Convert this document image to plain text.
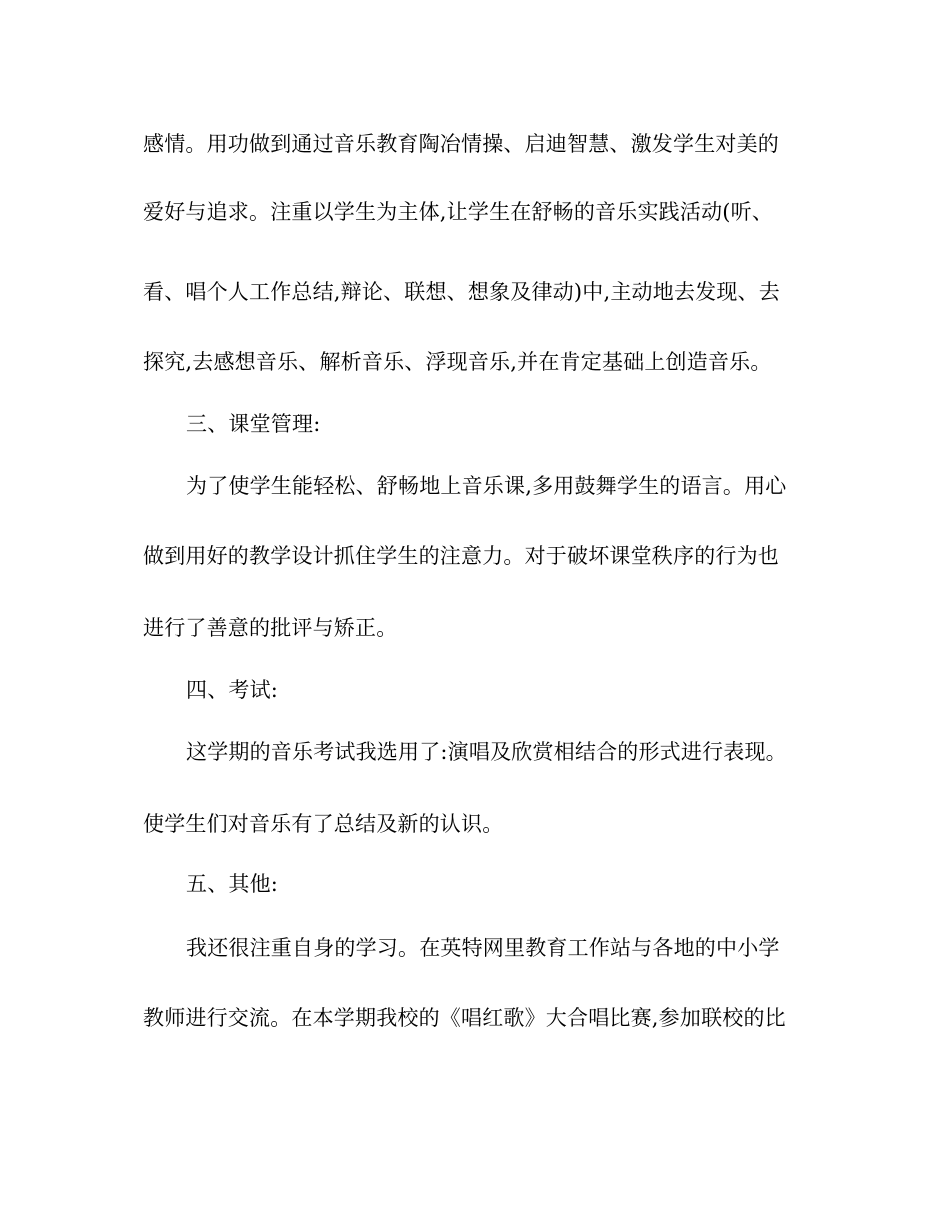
感情。用功做到通过音乐教育陶冶情操、启迪智慧、激发学生对美的
爱好与追求。注重以学生为主体,让学生在舒畅的音乐实践活动(听、
看、唱个人工作总结,辩论、联想、想象及律动)中,主动地去发现、去
探究,去感想音乐、解析音乐、浮现音乐,并在肯定基础上创造音乐。
三、课堂管理:
为了使学生能轻松、舒畅地上音乐课,多用鼓舞学生的语言。用心
做到用好的教学设计抓住学生的注意力。对于破坏课堂秩序的行为也
进行了善意的批评与矫正。
四、考试:
这学期的音乐考试我选用了:演唱及欣赏相结合的形式进行表现。
使学生们对音乐有了总结及新的认识。
五、其他:
我还很注重自身的学习。在英特网里教育工作站与各地的中小学
教师进行交流。在本学期我校的《唱红歌》大合唱比赛,参加联校的比
